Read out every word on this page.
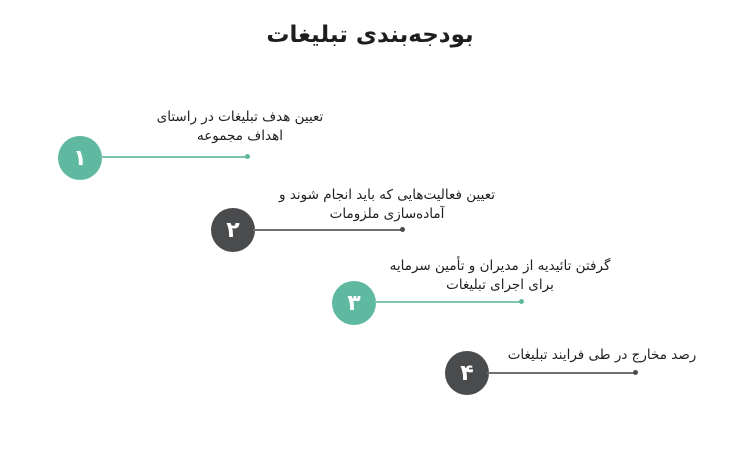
بودجه‌بندی تبلیغات
۱
تعیین هدف تبلیغات در راستای
اهداف مجموعه
۲
تعیین فعالیت‌هایی که باید انجام شوند و
آماده‌سازی ملزومات
۳
گرفتن تائیدیه از مدیران و تأمین سرمایه
برای اجرای تبلیغات
۴
رصد مخارج در طی فرایند تبلیغات
